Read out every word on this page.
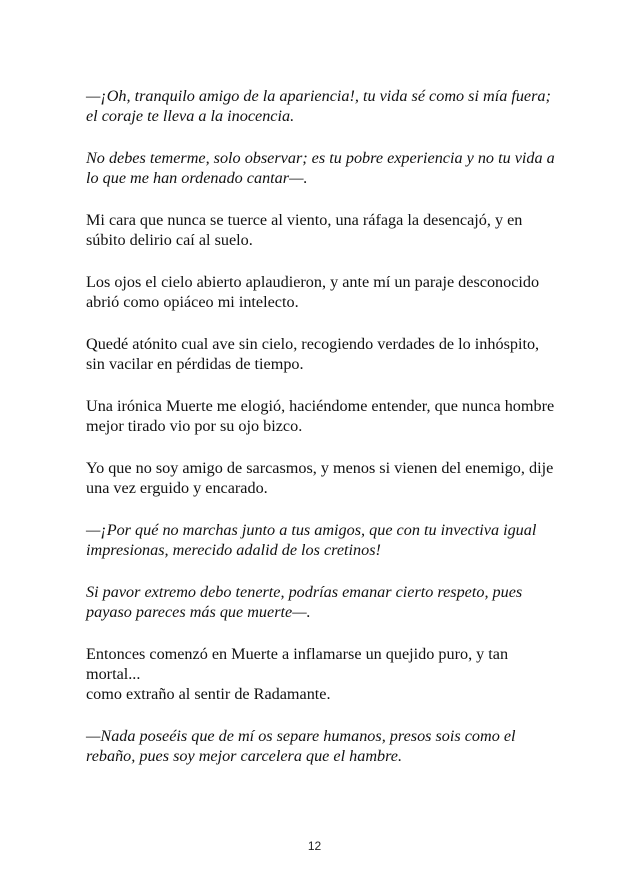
—¡Oh, tranquilo amigo de la apariencia!, tu vida sé como si mía fuera;
el coraje te lleva a la inocencia.

No debes temerme, solo observar; es tu pobre experiencia y no tu vida a lo que me han ordenado cantar—.

Mi cara que nunca se tuerce al viento, una ráfaga la desencajó, y en súbito delirio caí al suelo.

Los ojos el cielo abierto aplaudieron, y ante mí un paraje desconocido abrió como opiáceo mi intelecto.

Quedé atónito cual ave sin cielo, recogiendo verdades de lo inhóspito, sin vacilar en pérdidas de tiempo.

Una irónica Muerte me elogió, haciéndome entender, que nunca hombre mejor tirado vio por su ojo bizco.

Yo que no soy amigo de sarcasmos, y menos si vienen del enemigo, dije una vez erguido y encarado.

—¡Por qué no marchas junto a tus amigos, que con tu invectiva igual impresionas, merecido adalid de los cretinos!

Si pavor extremo debo tenerte, podrías emanar cierto respeto, pues payaso pareces más que muerte—.

Entonces comenzó en Muerte a inflamarse un quejido puro, y tan mortal...
como extraño al sentir de Radamante.

—Nada poseéis que de mí os separe humanos, presos sois como el rebaño, pues soy mejor carcelera que el hambre.

12
